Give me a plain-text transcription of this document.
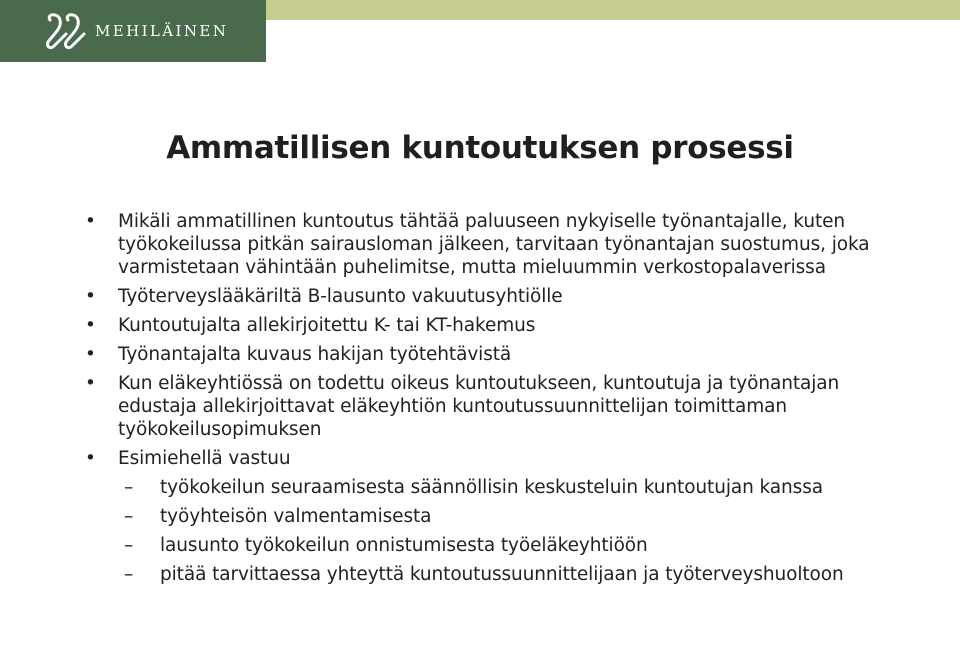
MEHILÄINEN
Ammatillisen kuntoutuksen prosessi
• Mikäli ammatillinen kuntoutus tähtää paluuseen nykyiselle työnantajalle, kuten työkokeilussa pitkän sairausloman jälkeen, tarvitaan työnantajan suostumus, joka varmistetaan vähintään puhelimitse, mutta mieluummin verkostopalaverissa
• Työterveyslääkäriltä B-lausunto vakuutusyhtiölle
• Kuntoutujalta allekirjoitettu K- tai KT-hakemus
• Työnantajalta kuvaus hakijan työtehtävistä
• Kun eläkeyhtiössä on todettu oikeus kuntoutukseen, kuntoutuja ja työnantajan edustaja allekirjoittavat eläkeyhtiön kuntoutussuunnittelijan toimittaman työkokeilusopimuksen
• Esimiehellä vastuu
– työkokeilun seuraamisesta säännöllisin keskusteluin kuntoutujan kanssa
– työyhteisön valmentamisesta
– lausunto työkokeilun onnistumisesta työeläkeyhtiöön
– pitää tarvittaessa yhteyttä kuntoutussuunnittelijaan ja työterveyshuoltoon
